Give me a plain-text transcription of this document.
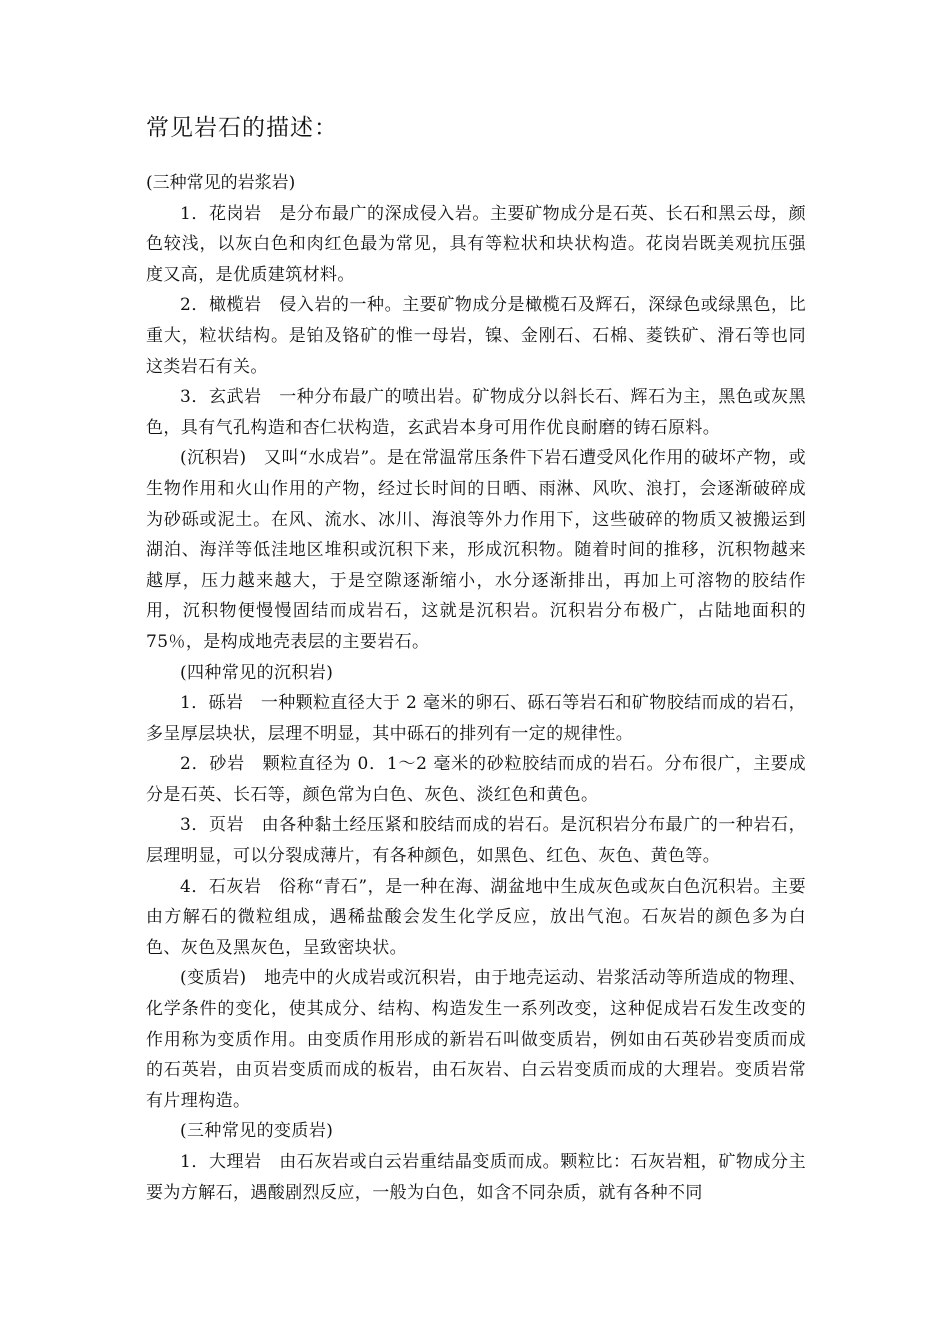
常见岩石的描述：
(三种常见的岩浆岩)

1．花岗岩　是分布最广的深成侵入岩。主要矿物成分是石英、长石和黑云母，颜色较浅，以灰白色和肉红色最为常见，具有等粒状和块状构造。花岗岩既美观抗压强度又高，是优质建筑材料。

2．橄榄岩　侵入岩的一种。主要矿物成分是橄榄石及辉石，深绿色或绿黑色，比重大，粒状结构。是铂及铬矿的惟一母岩，镍、金刚石、石棉、菱铁矿、滑石等也同这类岩石有关。

3．玄武岩　一种分布最广的喷出岩。矿物成分以斜长石、辉石为主，黑色或灰黑色，具有气孔构造和杏仁状构造，玄武岩本身可用作优良耐磨的铸石原料。

(沉积岩)　又叫“水成岩”。是在常温常压条件下岩石遭受风化作用的破坏产物，或生物作用和火山作用的产物，经过长时间的日晒、雨淋、风吹、浪打，会逐渐破碎成为砂砾或泥土。在风、流水、冰川、海浪等外力作用下，这些破碎的物质又被搬运到湖泊、海洋等低洼地区堆积或沉积下来，形成沉积物。随着时间的推移，沉积物越来越厚，压力越来越大，于是空隙逐渐缩小，水分逐渐排出，再加上可溶物的胶结作用，沉积物便慢慢固结而成岩石，这就是沉积岩。沉积岩分布极广，占陆地面积的 75％，是构成地壳表层的主要岩石。

(四种常见的沉积岩)

1．砾岩　一种颗粒直径大于 2 毫米的卵石、砾石等岩石和矿物胶结而成的岩石，多呈厚层块状，层理不明显，其中砾石的排列有一定的规律性。

2．砂岩　颗粒直径为 0．1～2 毫米的砂粒胶结而成的岩石。分布很广，主要成分是石英、长石等，颜色常为白色、灰色、淡红色和黄色。

3．页岩　由各种黏土经压紧和胶结而成的岩石。是沉积岩分布最广的一种岩石，层理明显，可以分裂成薄片，有各种颜色，如黑色、红色、灰色、黄色等。

4．石灰岩　俗称“青石”，是一种在海、湖盆地中生成灰色或灰白色沉积岩。主要由方解石的微粒组成，遇稀盐酸会发生化学反应，放出气泡。石灰岩的颜色多为白色、灰色及黑灰色，呈致密块状。

(变质岩)　地壳中的火成岩或沉积岩，由于地壳运动、岩浆活动等所造成的物理、化学条件的变化，使其成分、结构、构造发生一系列改变，这种促成岩石发生改变的作用称为变质作用。由变质作用形成的新岩石叫做变质岩，例如由石英砂岩变质而成的石英岩，由页岩变质而成的板岩，由石灰岩、白云岩变质而成的大理岩。变质岩常有片理构造。

(三种常见的变质岩)

1．大理岩　由石灰岩或白云岩重结晶变质而成。颗粒比：石灰岩粗，矿物成分主要为方解石，遇酸剧烈反应，一般为白色，如含不同杂质，就有各种不同
